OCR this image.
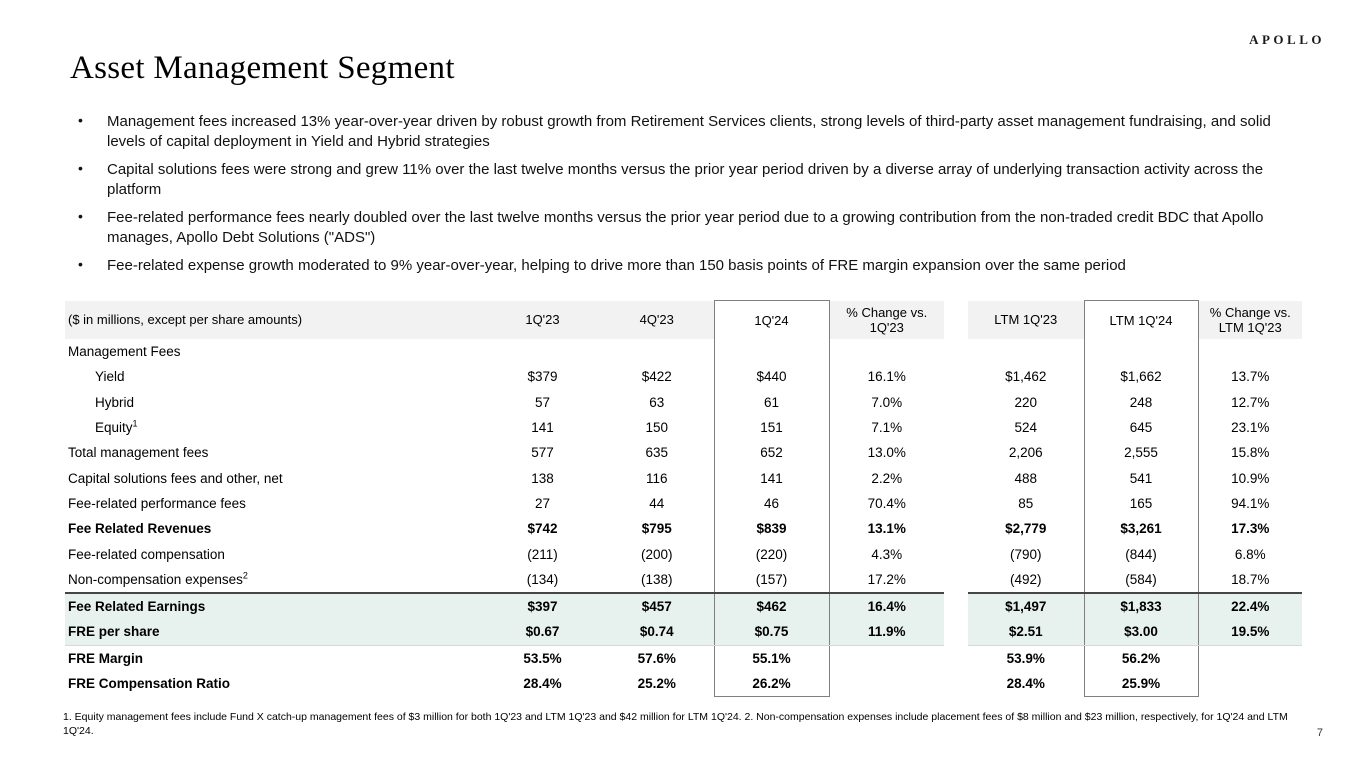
APOLLO
Asset Management Segment
• Management fees increased 13% year-over-year driven by robust growth from Retirement Services clients, strong levels of third-party asset management fundraising, and solid levels of capital deployment in Yield and Hybrid strategies
• Capital solutions fees were strong and grew 11% over the last twelve months versus the prior year period driven by a diverse array of underlying transaction activity across the platform
• Fee-related performance fees nearly doubled over the last twelve months versus the prior year period due to a growing contribution from the non-traded credit BDC that Apollo manages, Apollo Debt Solutions ("ADS")
• Fee-related expense growth moderated to 9% year-over-year, helping to drive more than 150 basis points of FRE margin expansion over the same period
($ in millions, except per share amounts)	1Q'23	4Q'23	1Q'24	% Change vs. 1Q'23		LTM 1Q'23	LTM 1Q'24	% Change vs. LTM 1Q'23
Management Fees								
Yield	$379	$422	$440	16.1%		$1,462	$1,662	13.7%
Hybrid	57	63	61	7.0%		220	248	12.7%
Equity$^1$	141	150	151	7.1%		524	645	23.1%
Total management fees	577	635	652	13.0%		2,206	2,555	15.8%
Capital solutions fees and other, net	138	116	141	2.2%		488	541	10.9%
Fee-related performance fees	27	44	46	70.4%		85	165	94.1%
Fee Related Revenues	$742	$795	$839	13.1%		$2,779	$3,261	17.3%
Fee-related compensation	(211)	(200)	(220)	4.3%		(790)	(844)	6.8%
Non-compensation expenses$^2$	(134)	(138)	(157)	17.2%		(492)	(584)	18.7%
Fee Related Earnings	$397	$457	$462	16.4%		$1,497	$1,833	22.4%
FRE per share	$0.67	$0.74	$0.75	11.9%		$2.51	$3.00	19.5%
FRE Margin	53.5%	57.6%	55.1%			53.9%	56.2%	
FRE Compensation Ratio	28.4%	25.2%	26.2%			28.4%	25.9%	
1. Equity management fees include Fund X catch-up management fees of $3 million for both 1Q'23 and LTM 1Q'23 and $42 million for LTM 1Q'24. 2. Non-compensation expenses include placement fees of $8 million and $23 million, respectively, for 1Q'24 and LTM 1Q'24.	7
